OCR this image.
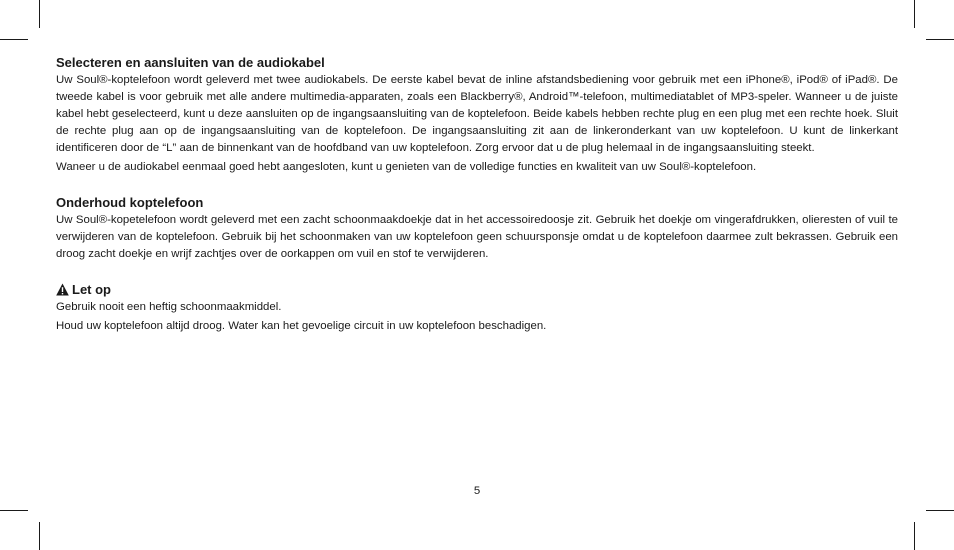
Selecteren en aansluiten van de audiokabel

Uw Soul®-koptelefoon wordt geleverd met twee audiokabels. De eerste kabel bevat de inline afstandsbediening voor gebruik met een iPhone®, iPod® of iPad®. De tweede kabel is voor gebruik met alle andere multimedia-apparaten, zoals een Blackberry®, Android™-telefoon, multimediatablet of MP3-speler. Wanneer u de juiste kabel hebt geselecteerd, kunt u deze aansluiten op de ingangsaansluiting van de koptelefoon. Beide kabels hebben rechte plug en een plug met een rechte hoek. Sluit de rechte plug aan op de ingangsaansluiting van de koptelefoon. De ingangsaansluiting zit aan de linkeronderkant van uw koptelefoon. U kunt de linkerkant identificeren door de “L” aan de binnenkant van de hoofdband van uw koptelefoon. Zorg ervoor dat u de plug helemaal in de ingangsaansluiting steekt.

Waneer u de audiokabel eenmaal goed hebt aangesloten, kunt u genieten van de volledige functies en kwaliteit van uw Soul®-koptelefoon.

Onderhoud koptelefoon

Uw Soul®-kopetelefoon wordt geleverd met een zacht schoonmaakdoekje dat in het accessoiredoosje zit. Gebruik het doekje om vingerafdrukken, olieresten of vuil te verwijderen van de koptelefoon. Gebruik bij het schoonmaken van uw koptelefoon geen schuursponsje omdat u de koptelefoon daarmee zult bekrassen. Gebruik een droog zacht doekje en wrijf zachtjes over de oorkappen om vuil en stof te verwijderen.

Let op

Gebruik nooit een heftig schoonmaakmiddel.

Houd uw koptelefoon altijd droog. Water kan het gevoelige circuit in uw koptelefoon beschadigen.

5
